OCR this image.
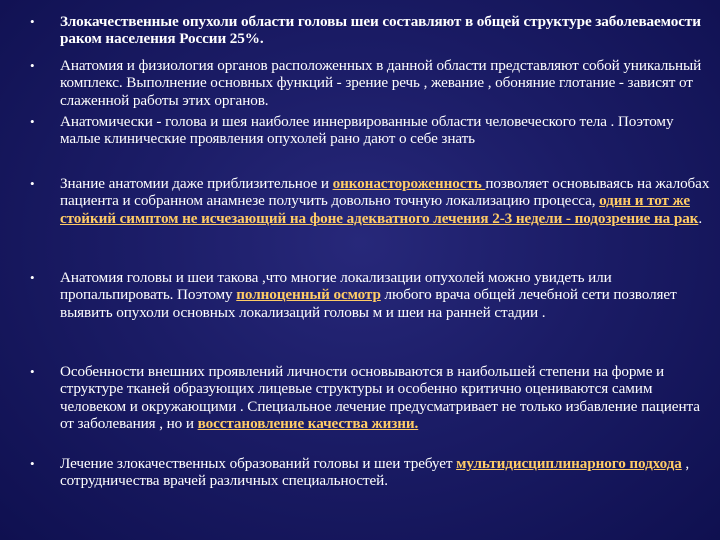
• Злокачественные опухоли области головы шеи составляют в общей структуре заболеваемости раком населения России 25%.
• Анатомия и физиология органов расположенных в данной области представляют собой уникальный комплекс. Выполнение основных функций - зрение речь , жевание , обоняние глотание - зависят от слаженной работы этих органов.
• Анатомически - голова и шея наиболее иннервированные области человеческого тела . Поэтому малые клинические проявления опухолей рано дают о себе знать
• Знание анатомии даже приблизительное и онконастороженность позволяет основываясь на жалобах пациента и собранном анамнезе получить довольно точную локализацию процесса, один и тот же стойкий симптом не исчезающий на фоне адекватного лечения 2-3 недели - подозрение на рак.
• Анатомия головы и шеи такова ,что многие локализации опухолей можно увидеть или пропальпировать. Поэтому полноценный осмотр любого врача общей лечебной сети позволяет выявить опухоли основных локализаций головы м и шеи на ранней стадии .
• Особенности внешних проявлений личности основываются в наибольшей степени на форме и структуре тканей образующих лицевые структуры и особенно критично оцениваются самим человеком и окружающими . Специальное лечение предусматривает не только избавление пациента от заболевания , но и восстановление качества жизни.
• Лечение злокачественных образований головы и шеи требует мультидисциплинарного подхода , сотрудничества врачей различных специальностей.
